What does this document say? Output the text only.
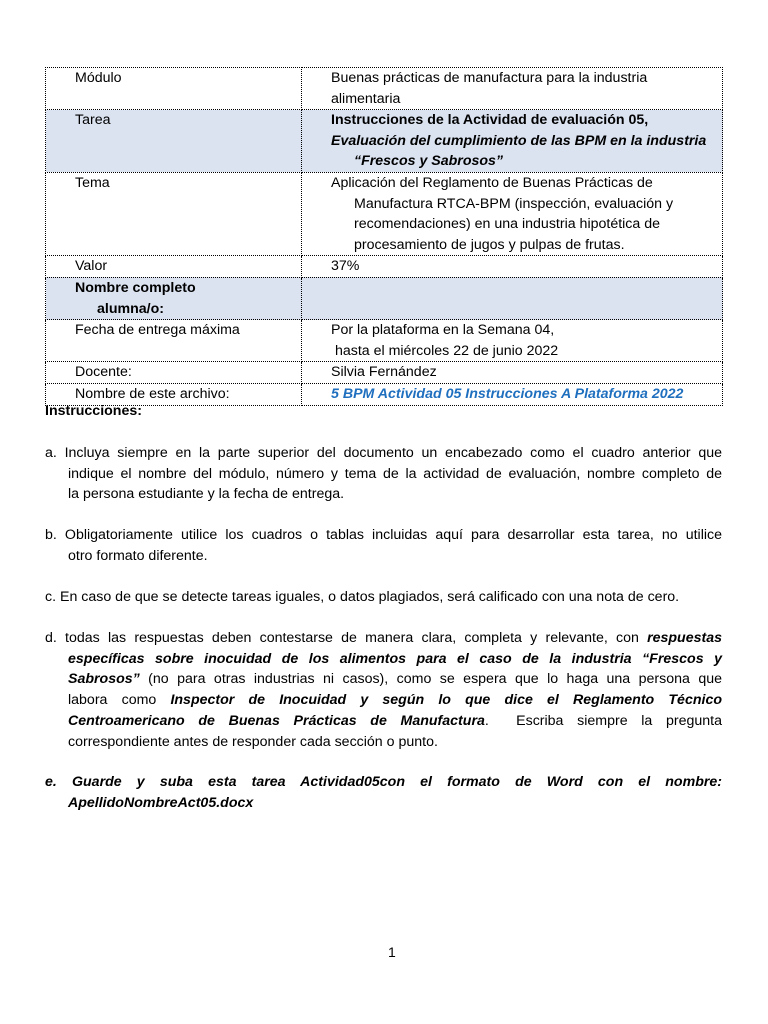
Módulo	Buenas prácticas de manufactura para la industria alimentaria
Tarea	Instrucciones de la Actividad de evaluación 05,
Evaluación del cumplimiento de las BPM en la industria
“Frescos y Sabrosos”

Tema	Aplicación del Reglamento de Buenas Prácticas de
Manufactura RTCA-BPM (inspección, evaluación y
recomendaciones) en una industria hipotética de
procesamiento de jugos y pulpas de frutas.

Valor	37%

Nombre completo
alumna/o:	

Fecha de entrega máxima	Por la plataforma en la Semana 04,
hasta el miércoles 22 de junio 2022

Docente:	Silvia Fernández
Nombre de este archivo:	5 BPM Actividad 05 Instrucciones A Plataforma 2022
Instrucciones:
a. Incluya siempre en la parte superior del documento un encabezado como el cuadro anterior que
indique el nombre del módulo, número y tema de la actividad de evaluación, nombre completo de
la persona estudiante y la fecha de entrega.
b. Obligatoriamente utilice los cuadros o tablas incluidas aquí para desarrollar esta tarea, no utilice
otro formato diferente.
c. En caso de que se detecte tareas iguales, o datos plagiados, será calificado con una nota de cero.
d. todas las respuestas deben contestarse de manera clara, completa y relevante, con respuestas
específicas sobre inocuidad de los alimentos para el caso de la industria “Frescos y
Sabrosos” (no para otras industrias ni casos), como se espera que lo haga una persona que
labora como Inspector de Inocuidad y según lo que dice el Reglamento Técnico
Centroamericano de Buenas Prácticas de Manufactura.  Escriba siempre la pregunta
correspondiente antes de responder cada sección o punto.
e. Guarde y suba esta tarea Actividad05con el formato de Word con el nombre:
ApellidoNombreAct05.docx
1
